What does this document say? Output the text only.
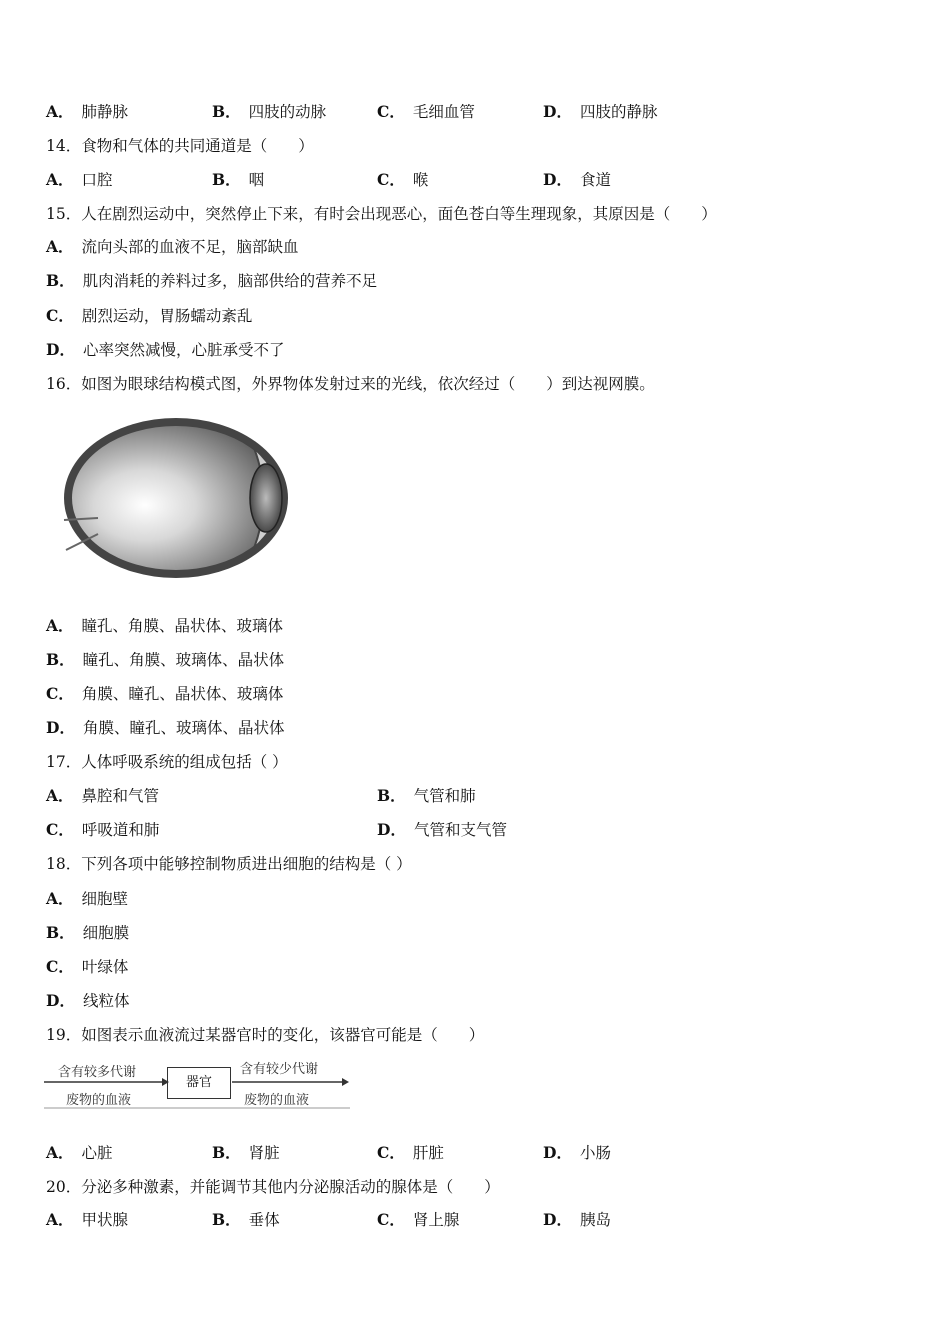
A． 肺静脉	B． 四肢的动脉	C． 毛细血管	D． 四肢的静脉
14．食物和气体的共同通道是（　　）
A． 口腔	B． 咽	C． 喉	D． 食道
15．人在剧烈运动中，突然停止下来，有时会出现恶心，面色苍白等生理现象，其原因是（　　）
A． 流向头部的血液不足，脑部缺血
B． 肌肉消耗的养料过多，脑部供给的营养不足
C． 剧烈运动，胃肠蠕动紊乱
D． 心率突然减慢，心脏承受不了
16．如图为眼球结构模式图，外界物体发射过来的光线，依次经过（　　）到达视网膜。
A． 瞳孔、角膜、晶状体、玻璃体
B． 瞳孔、角膜、玻璃体、晶状体
C． 角膜、瞳孔、晶状体、玻璃体
D． 角膜、瞳孔、玻璃体、晶状体
17．人体呼吸系统的组成包括（ ）
A． 鼻腔和气管	B． 气管和肺
C． 呼吸道和肺	D． 气管和支气管
18．下列各项中能够控制物质进出细胞的结构是（ ）
A． 细胞壁
B． 细胞膜
C． 叶绿体
D． 线粒体
19．如图表示血液流过某器官时的变化，该器官可能是（　　）
含有较多代谢
废物的血液
器官
含有较少代谢
废物的血液
A． 心脏	B． 肾脏	C． 肝脏	D． 小肠
20．分泌多种激素，并能调节其他内分泌腺活动的腺体是（　　）
A． 甲状腺	B． 垂体	C． 肾上腺	D． 胰岛
